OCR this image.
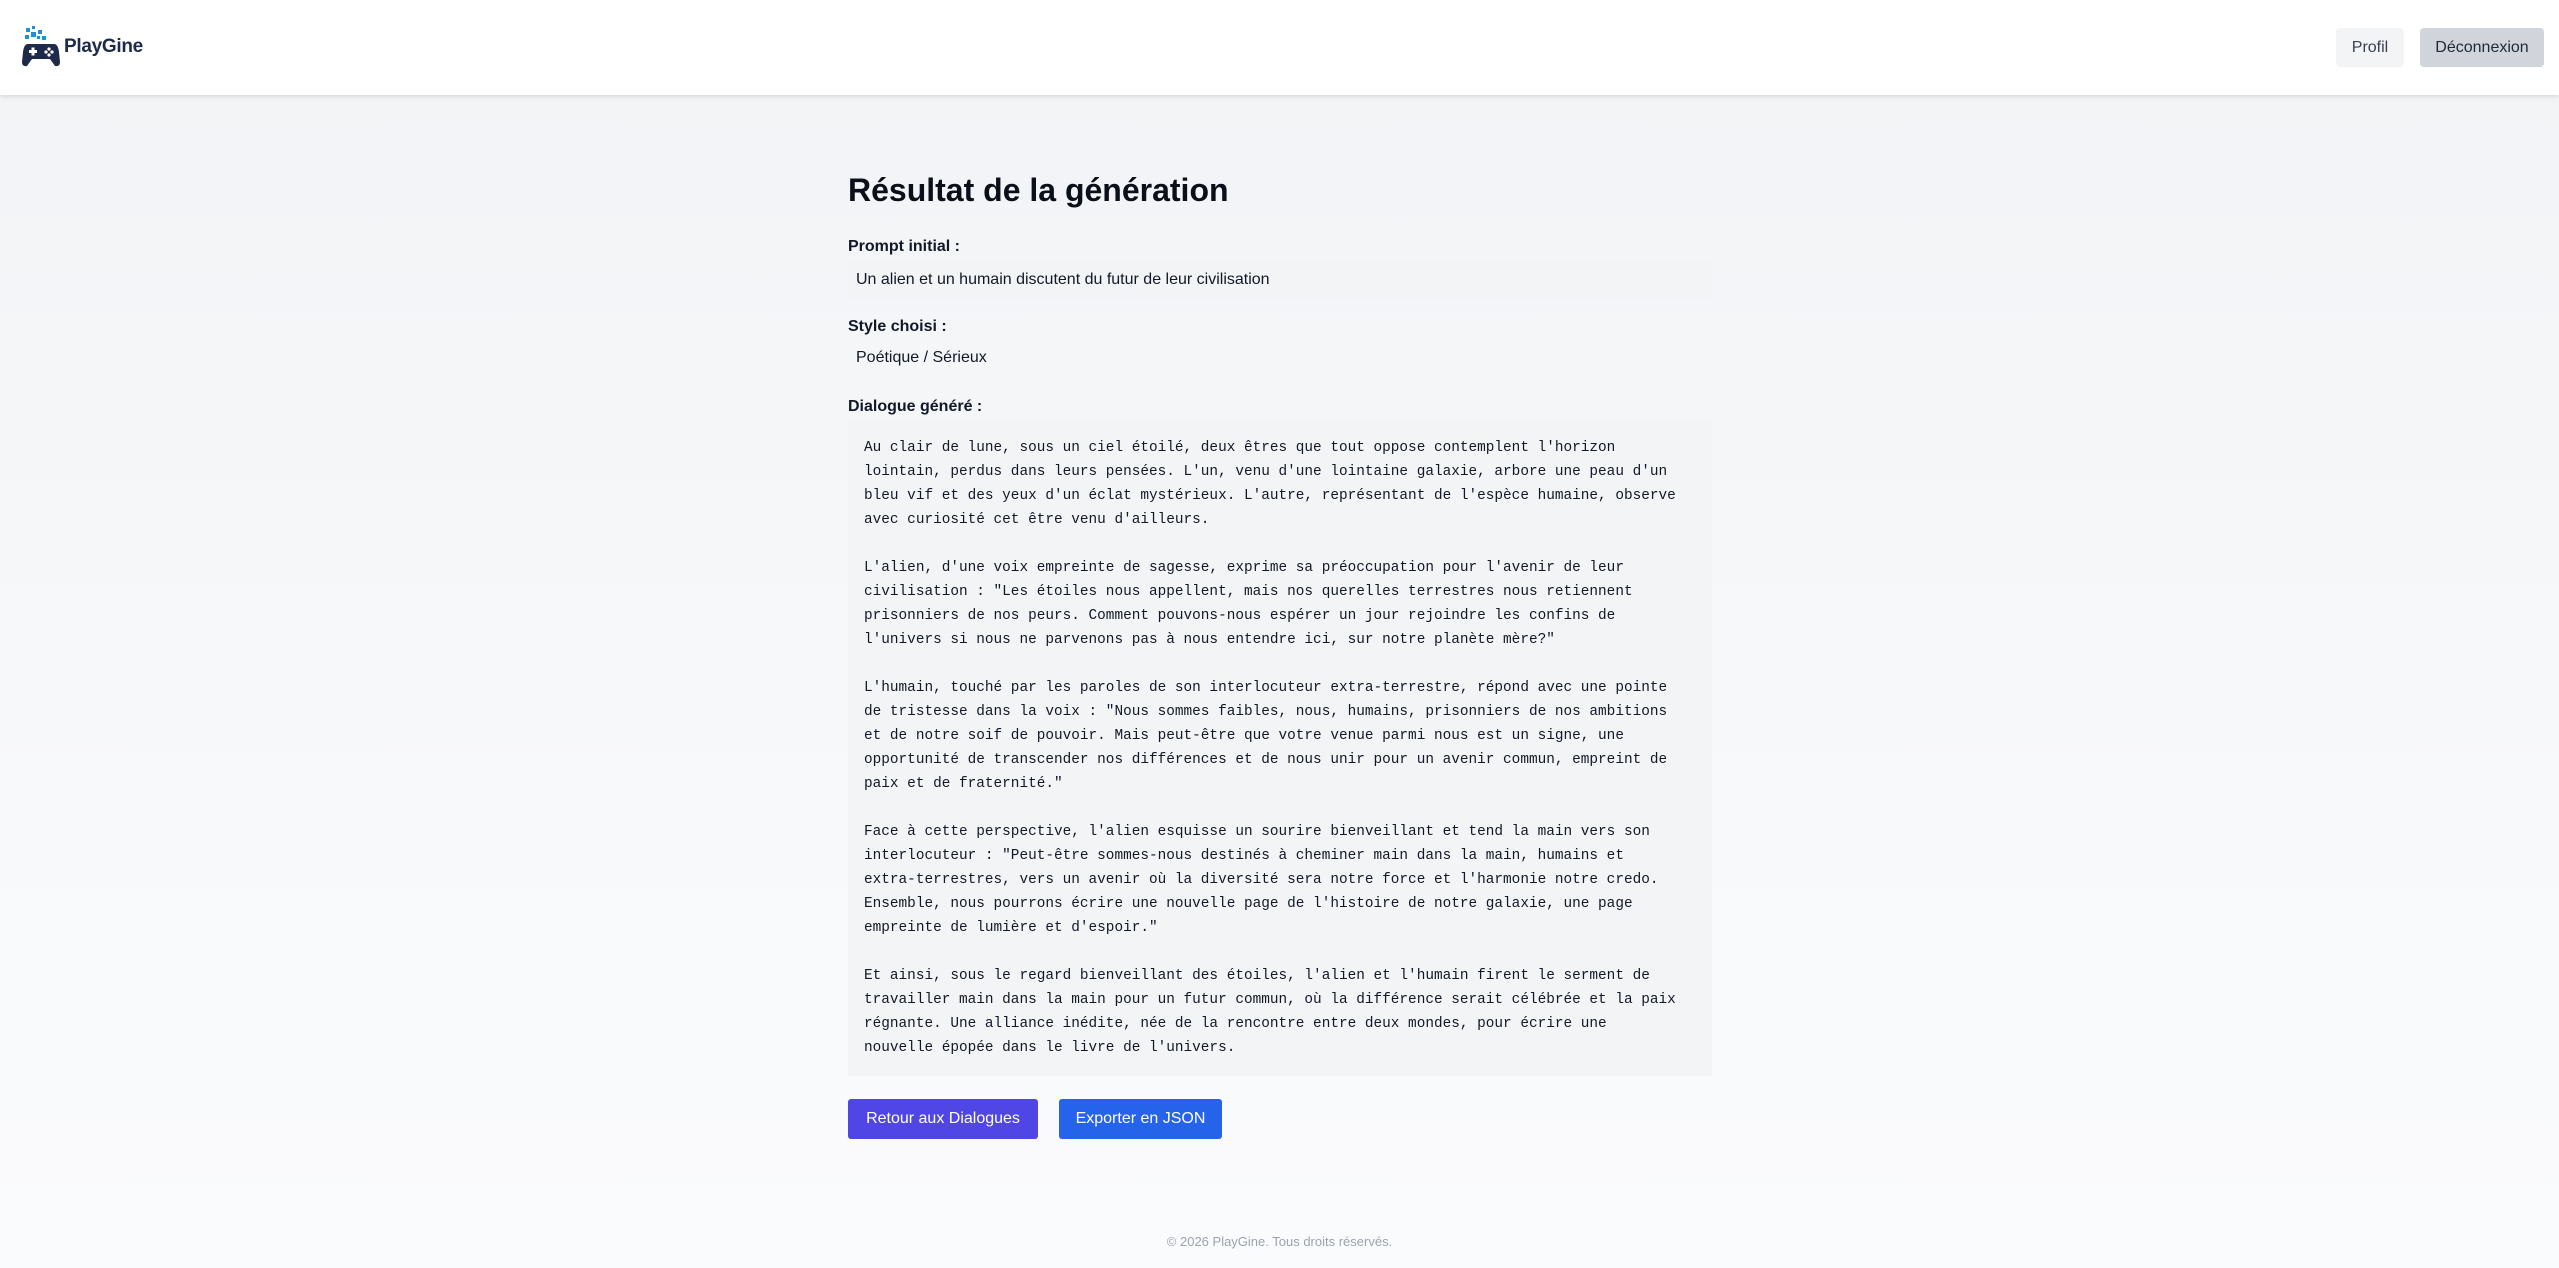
PlayGine	Profil	Déconnexion
Résultat de la génération
Prompt initial :
Un alien et un humain discutent du futur de leur civilisation
Style choisi :
Poétique / Sérieux
Dialogue généré :
Au clair de lune, sous un ciel étoilé, deux êtres que tout oppose contemplent l'horizon
lointain, perdus dans leurs pensées. L'un, venu d'une lointaine galaxie, arbore une peau d'un
bleu vif et des yeux d'un éclat mystérieux. L'autre, représentant de l'espèce humaine, observe
avec curiosité cet être venu d'ailleurs.

L'alien, d'une voix empreinte de sagesse, exprime sa préoccupation pour l'avenir de leur
civilisation : "Les étoiles nous appellent, mais nos querelles terrestres nous retiennent
prisonniers de nos peurs. Comment pouvons-nous espérer un jour rejoindre les confins de
l'univers si nous ne parvenons pas à nous entendre ici, sur notre planète mère?"

L'humain, touché par les paroles de son interlocuteur extra-terrestre, répond avec une pointe
de tristesse dans la voix : "Nous sommes faibles, nous, humains, prisonniers de nos ambitions
et de notre soif de pouvoir. Mais peut-être que votre venue parmi nous est un signe, une
opportunité de transcender nos différences et de nous unir pour un avenir commun, empreint de
paix et de fraternité."

Face à cette perspective, l'alien esquisse un sourire bienveillant et tend la main vers son
interlocuteur : "Peut-être sommes-nous destinés à cheminer main dans la main, humains et
extra-terrestres, vers un avenir où la diversité sera notre force et l'harmonie notre credo.
Ensemble, nous pourrons écrire une nouvelle page de l'histoire de notre galaxie, une page
empreinte de lumière et d'espoir."

Et ainsi, sous le regard bienveillant des étoiles, l'alien et l'humain firent le serment de
travailler main dans la main pour un futur commun, où la différence serait célébrée et la paix
régnante. Une alliance inédite, née de la rencontre entre deux mondes, pour écrire une
nouvelle épopée dans le livre de l'univers.
Retour aux Dialogues	Exporter en JSON
© 2026 PlayGine. Tous droits réservés.
